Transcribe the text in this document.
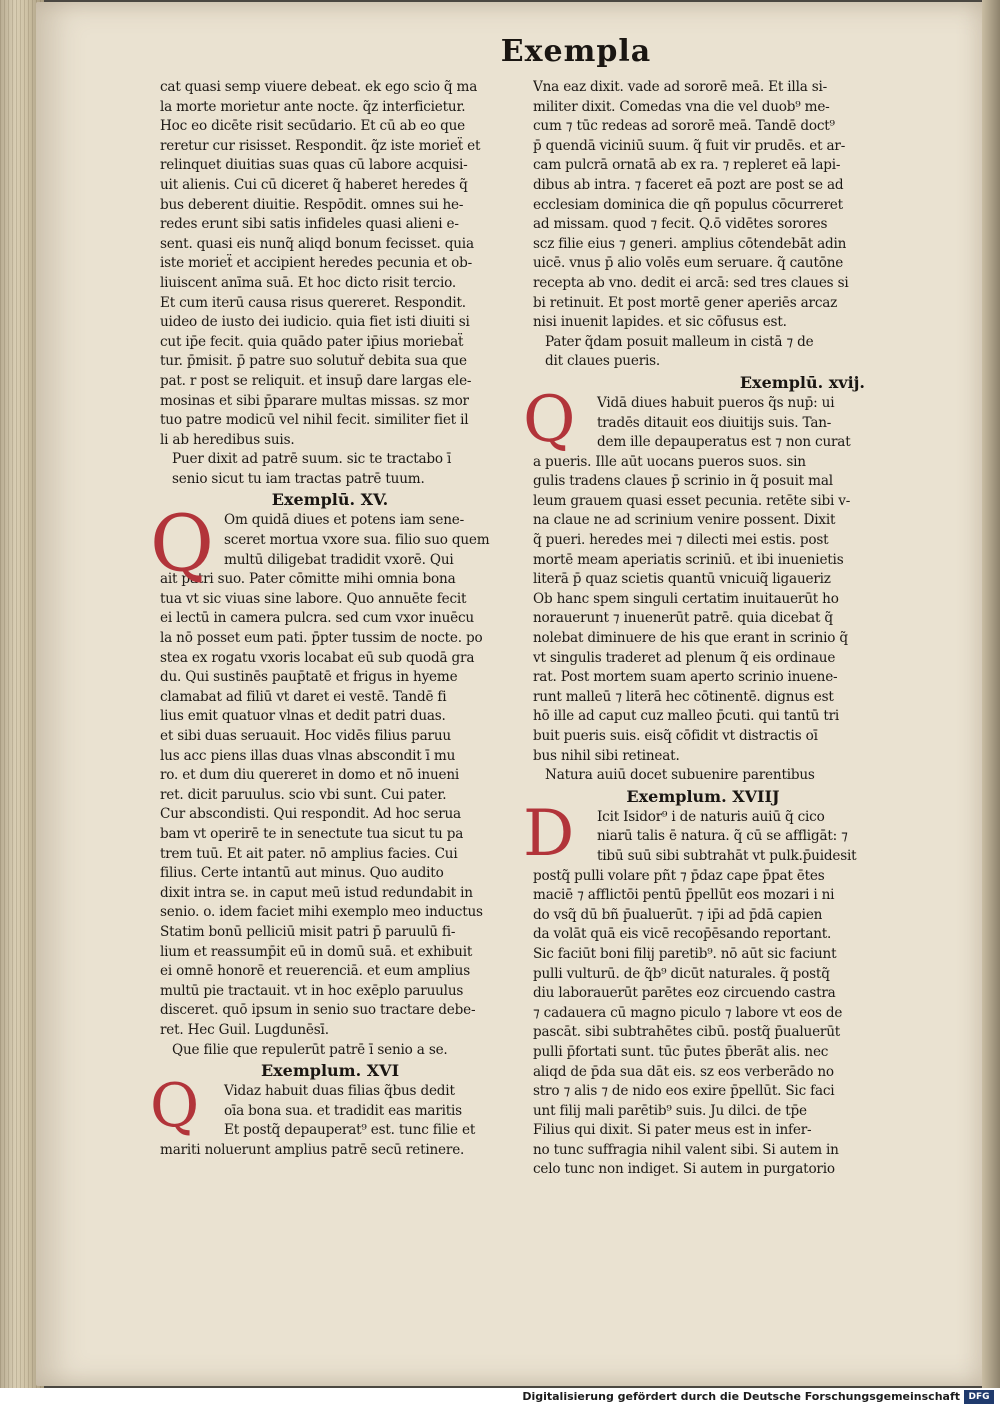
Exempla
cat quasi semp viuere debeat. ek ego scio q̃ ma
la morte morietur ante nocte. q̃z interficietur.
Hoc eo dicēte risit secūdario. Et cū ab eo que
reretur cur risisset. Respondit. q̃z iste morieẗ et
relinquet diuitias suas quas cū labore acquisi-
uit alienis. Cui cū diceret q̃ haberet heredes q̃
bus deberent diuitie. Respōdit. omnes sui he-
redes erunt sibi satis infideles quasi alieni e-
sent. quasi eis nunq̃ aliqd bonum fecisset. quia
iste morieẗ et accipient heredes pecunia et ob-
liuiscent anīma suā. Et hoc dicto risit tercio.
Et cum iterū causa risus quereret. Respondit.
uideo de iusto dei iudicio. quia fiet isti diuiti si
cut ip̄e fecit. quia quādo pater ip̄ius moriebaẗ
tur. p̄misit. p̄ patre suo solutuř debita sua que
pat. r post se reliquit. et insup̄ dare largas ele-
mosinas et sibi p̄parare multas missas. sz mor
tuo patre modicū vel nihil fecit. similiter fiet il
li ab heredibus suis.
Puer dixit ad patrē suum. sic te tractabo ī
senio sicut tu iam tractas patrē tuum.
Exemplū. XV.
Q Om quidā diues et potens iam sene-
sceret mortua vxore sua. filio suo quem
multū diligebat tradidit vxorē. Qui
ait patri suo. Pater cōmitte mihi omnia bona
tua vt sic viuas sine labore. Quo annuēte fecit
ei lectū in camera pulcra. sed cum vxor inuēcu
la nō posset eum pati. p̄pter tussim de nocte. po
stea ex rogatu vxoris locabat eū sub quodā gra
du. Qui sustinēs paup̄tatē et frigus in hyeme
clamabat ad filiū vt daret ei vestē. Tandē fi
lius emit quatuor vlnas et dedit patri duas.
et sibi duas seruauit. Hoc vidēs filius paruu
lus acc piens illas duas vlnas abscondit ī mu
ro. et dum diu quereret in domo et nō inueni
ret. dicit paruulus. scio vbi sunt. Cui pater.
Cur abscondisti. Qui respondit. Ad hoc serua
bam vt operirē te in senectute tua sicut tu pa
trem tuū. Et ait pater. nō amplius facies. Cui
filius. Certe intantū aut minus. Quo audito
dixit intra se. in caput meū istud redundabit in
senio. o. idem faciet mihi exemplo meo inductus
Statim bonū pelliciū misit patri p̄ paruulū fi-
lium et reassump̄it eū in domū suā. et exhibuit
ei omnē honorē et reuerenciā. et eum amplius
multū pie tractauit. vt in hoc exēplo paruulus
disceret. quō ipsum in senio suo tractare debe-
ret. Hec Guil. Lugdunēsī.
Que filie que repulerūt patrē ī senio a se.
Exemplum. XVI
Q	Vidaz habuit duas filias q̃bus dedit
oīa bona sua. et tradidit eas maritis
Et postq̃ depauperat⁹ est. tunc filie et
mariti noluerunt amplius patrē secū retinere.
Vna eaz dixit. vade ad sororē meā. Et illa si-
militer dixit. Comedas vna die vel duob⁹ me-
cum ⁊ tūc redeas ad sororē meā. Tandē doct⁹
p̄ quendā viciniū suum. q̃ fuit vir prudēs. et ar-
cam pulcrā ornatā ab ex ra. ⁊ repleret eā lapi-
dibus ab intra. ⁊ faceret eā pozt are post se ad
ecclesiam dominica die qñ populus cōcurreret
ad missam. quod ⁊ fecit. Q.ō vidētes sorores
scz filie eius ⁊ generi. amplius cōtendebāt adin
uicē. vnus p̄ alio volēs eum seruare. q̃ cautōne
recepta ab vno. dedit ei arcā: sed tres claues si
bi retinuit. Et post mortē gener aperiēs arcaz
nisi inuenit lapides. et sic cōfusus est.
Pater q̃dam posuit malleum in cistā ⁊ de
dit claues pueris.
Exemplū. xvij.
Q	Vidā diues habuit pueros q̃s nup̄: ui
tradēs ditauit eos diuitijs suis. Tan-
dem ille depauperatus est ⁊ non curat
a pueris. Ille aūt uocans pueros suos. sin
gulis tradens claues p̄ scrinio in q̃ posuit mal
leum grauem quasi esset pecunia. retēte sibi v-
na claue ne ad scrinium venire possent. Dixit
q̃ pueri. heredes mei ⁊ dilecti mei estis. post
mortē meam aperiatis scriniū. et ibi inuenietis
literā p̄ quaz scietis quantū vnicuiq̃ ligaueriz
Ob hanc spem singuli certatim inuitauerūt ho
norauerunt ⁊ inuenerūt patrē. quia dicebat q̃
nolebat diminuere de his que erant in scrinio q̃
vt singulis traderet ad plenum q̃ eis ordinaue
rat. Post mortem suam aperto scrinio inuene-
runt malleū ⁊ literā hec cōtinentē. dignus est
hō ille ad caput cuz malleo p̄cuti. qui tantū tri
buit pueris suis. eisq̃ cōfidit vt distractis oī
bus nihil sibi retineat.
Natura auiū docet subuenire parentibus
Exemplum. XVIIJ
D	Icit Isidor⁹ i de naturis auiū q̃ cico
niarū talis ē natura. q̃ cū se affligāt: ⁊
tibū suū sibi subtrahāt vt pulk.p̄uidesit
postq̃ pulli volare pñt ⁊ p̄daz cape p̄pat ētes
maciē ⁊ afflictōi pentū p̄pellūt eos mozari i ni
do vsq̃ dū bñ p̄ualuerūt. ⁊ ip̄i ad p̄dā capien
da volāt quā eis vicē recop̄ēsando reportant.
Sic faciūt boni filij paretib⁹. nō aūt sic faciunt
pulli vulturū. de q̃b⁹ dicūt naturales. q̃ postq̃
diu laborauerūt parētes eoz circuendo castra
⁊ cadauera cū magno piculo ⁊ labore vt eos de
pascāt. sibi subtrahētes cibū. postq̃ p̄ualuerūt
pulli p̄fortati sunt. tūc p̄utes p̄berāt alis. nec
aliqd de p̄da sua dāt eis. sz eos verberādo no
stro ⁊ alis ⁊ de nido eos exire p̄pellūt. Sic faci
unt filij mali parētib⁹ suis. Ju dilci. de tp̄e
Filius qui dixit. Si pater meus est in infer-
no tunc suffragia nihil valent sibi. Si autem in
celo tunc non indiget. Si autem in purgatorio
Digitalisierung gefördert durch die Deutsche Forschungsgemeinschaft DFG
